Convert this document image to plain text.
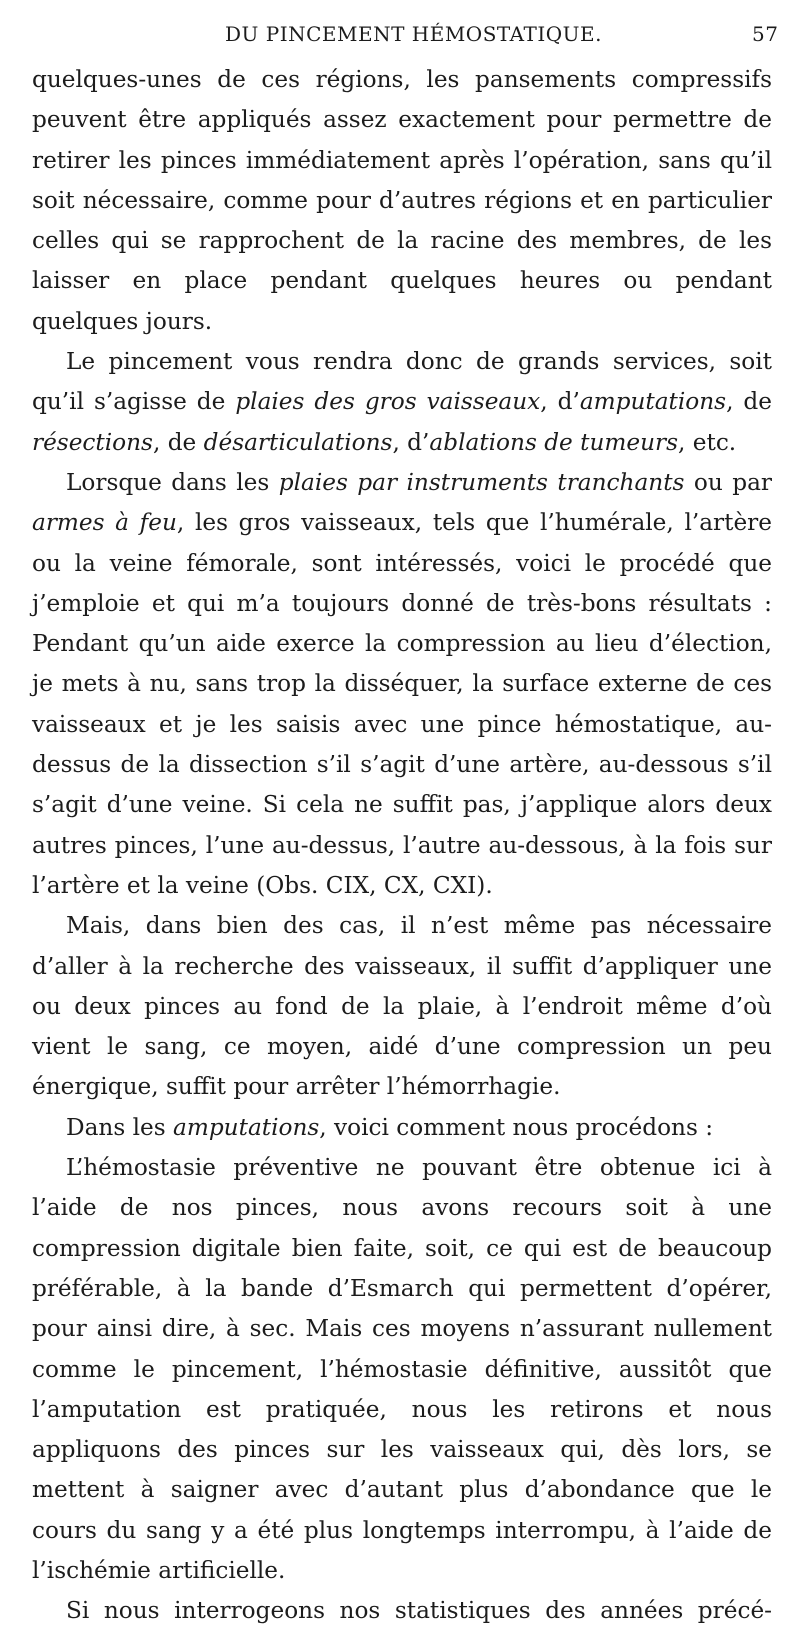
DU PINCEMENT HÉMOSTATIQUE.	57

quelques-unes de ces régions, les pansements compressifs peuvent être appliqués assez exactement pour permettre de retirer les pinces immédiatement après l’opération, sans qu’il soit nécessaire, comme pour d’autres régions et en particulier celles qui se rapprochent de la racine des membres, de les laisser en place pendant quelques heures ou pendant quelques jours.

Le pincement vous rendra donc de grands services, soit qu’il s’agisse de plaies des gros vaisseaux, d’amputations, de résections, de désarticulations, d’ablations de tumeurs, etc.

Lorsque dans les plaies par instruments tranchants ou par armes à feu, les gros vaisseaux, tels que l’humérale, l’artère ou la veine fémorale, sont intéressés, voici le procédé que j’emploie et qui m’a toujours donné de très-bons résultats : Pendant qu’un aide exerce la compression au lieu d’élection, je mets à nu, sans trop la disséquer, la surface externe de ces vaisseaux et je les saisis avec une pince hémostatique, au-dessus de la dissection s’il s’agit d’une artère, au-dessous s’il s’agit d’une veine. Si cela ne suffit pas, j’applique alors deux autres pinces, l’une au-dessus, l’autre au-dessous, à la fois sur l’artère et la veine (Obs. CIX, CX, CXI).

Mais, dans bien des cas, il n’est même pas nécessaire d’aller à la recherche des vaisseaux, il suffit d’appliquer une ou deux pinces au fond de la plaie, à l’endroit même d’où vient le sang, ce moyen, aidé d’une compression un peu énergique, suffit pour arrêter l’hémorrhagie.

Dans les amputations, voici comment nous procédons :

L’hémostasie préventive ne pouvant être obtenue ici à l’aide de nos pinces, nous avons recours soit à une compression digitale bien faite, soit, ce qui est de beaucoup préférable, à la bande d’Esmarch qui permettent d’opérer, pour ainsi dire, à sec. Mais ces moyens n’assurant nullement comme le pincement, l’hémostasie définitive, aussitôt que l’amputation est pratiquée, nous les retirons et nous appliquons des pinces sur les vaisseaux qui, dès lors, se mettent à saigner avec d’autant plus d’abondance que le cours du sang y a été plus longtemps interrompu, à l’aide de l’ischémie artificielle.

Si nous interrogeons nos statistiques des années précé-
